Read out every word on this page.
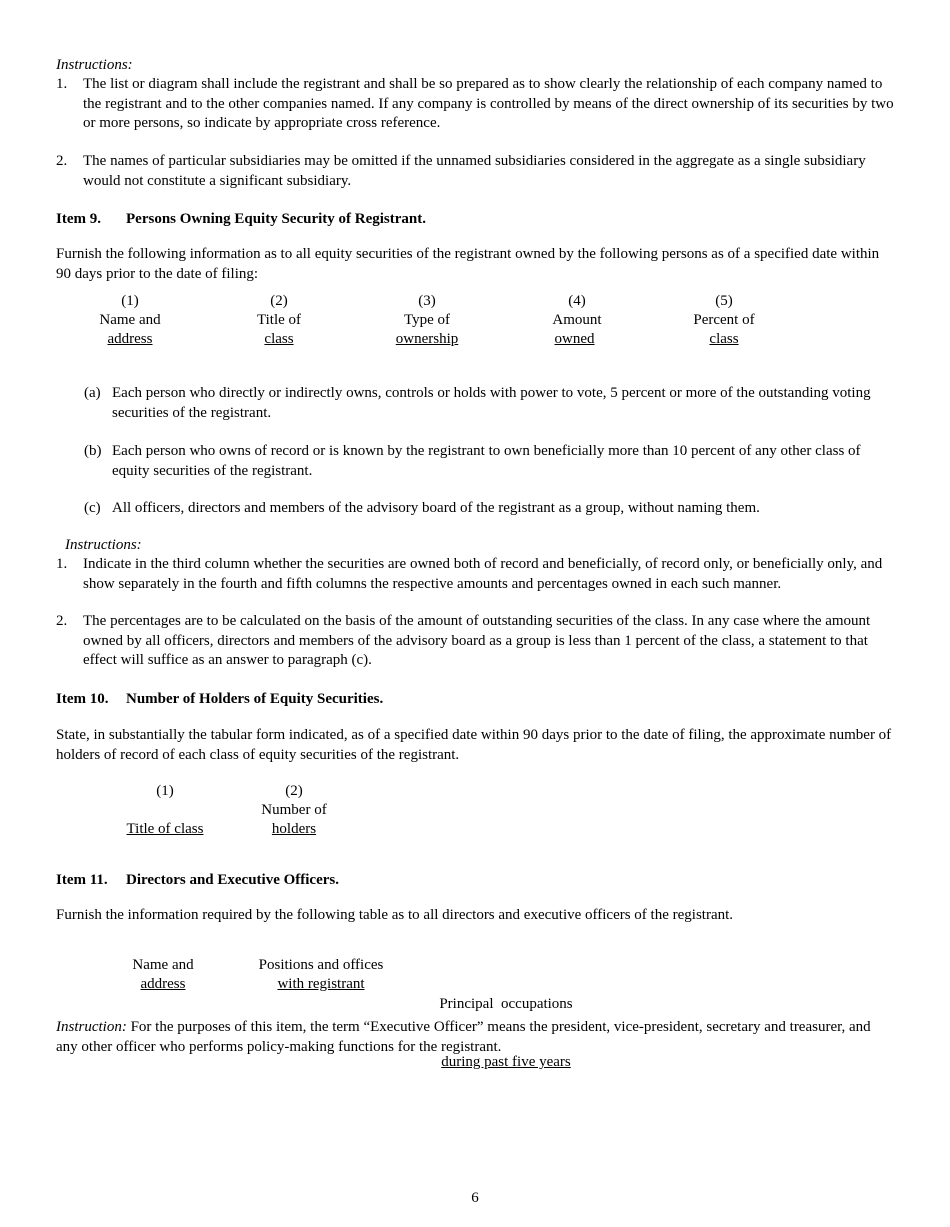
Instructions:
1. The list or diagram shall include the registrant and shall be so prepared as to show clearly the relationship of each company named to the registrant and to the other companies named. If any company is controlled by means of the direct ownership of its securities by two or more persons, so indicate by appropriate cross reference.
2. The names of particular subsidiaries may be omitted if the unnamed subsidiaries considered in the aggregate as a single subsidiary would not constitute a significant subsidiary.
Item 9. Persons Owning Equity Security of Registrant.
Furnish the following information as to all equity securities of the registrant owned by the following persons as of a specified date within 90 days prior to the date of filing:
(1)
Name and
address
(2)
Title of
class
(3)
Type of
ownership
(4)
Amount
owned
(5)
Percent of
class
(a) Each person who directly or indirectly owns, controls or holds with power to vote, 5 percent or more of the outstanding voting securities of the registrant.
(b) Each person who owns of record or is known by the registrant to own beneficially more than 10 percent of any other class of equity securities of the registrant.
(c) All officers, directors and members of the advisory board of the registrant as a group, without naming them.
Instructions:
1. Indicate in the third column whether the securities are owned both of record and beneficially, of record only, or beneficially only, and show separately in the fourth and fifth columns the respective amounts and percentages owned in each such manner.
2. The percentages are to be calculated on the basis of the amount of outstanding securities of the class. In any case where the amount owned by all officers, directors and members of the advisory board as a group is less than 1 percent of the class, a statement to that effect will suffice as an answer to paragraph (c).
Item 10. Number of Holders of Equity Securities.
State, in substantially the tabular form indicated, as of a specified date within 90 days prior to the date of filing, the approximate number of holders of record of each class of equity securities of the registrant.
(1)
Title of class
(2)
Number of
holders
Item 11. Directors and Executive Officers.
Furnish the information required by the following table as to all directors and executive officers of the registrant.
Name and
address
Positions and offices
with registrant

Principal  occupations

during past five years

Instruction: For the purposes of this item, the term “Executive Officer” means the president, vice-president, secretary and treasurer, and any other officer who performs policy-making functions for the registrant.
6
